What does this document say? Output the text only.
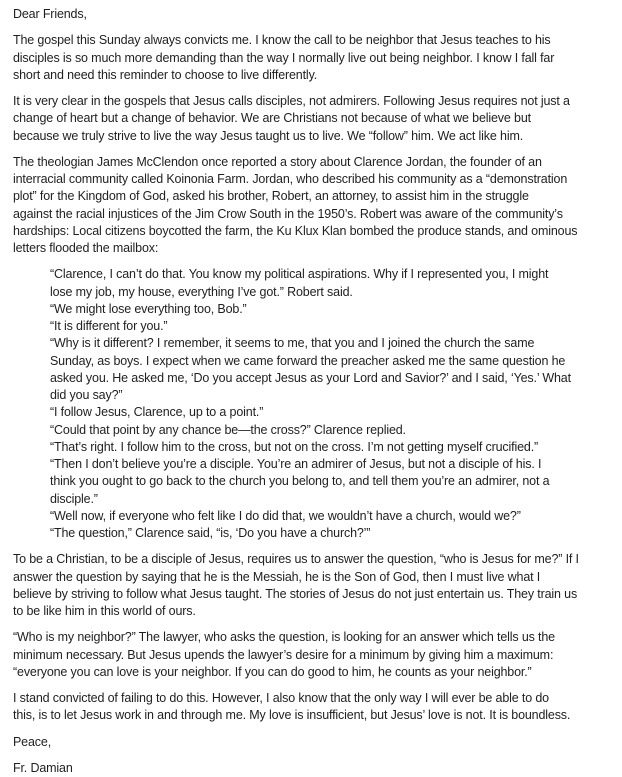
Dear Friends,
The gospel this Sunday always convicts me. I know the call to be neighbor that Jesus teaches to his
disciples is so much more demanding than the way I normally live out being neighbor. I know I fall far
short and need this reminder to choose to live differently.
It is very clear in the gospels that Jesus calls disciples, not admirers. Following Jesus requires not just a
change of heart but a change of behavior. We are Christians not because of what we believe but
because we truly strive to live the way Jesus taught us to live. We “follow” him. We act like him.
The theologian James McClendon once reported a story about Clarence Jordan, the founder of an
interracial community called Koinonia Farm. Jordan, who described his community as a “demonstration
plot” for the Kingdom of God, asked his brother, Robert, an attorney, to assist him in the struggle
against the racial injustices of the Jim Crow South in the 1950’s. Robert was aware of the community’s
hardships: Local citizens boycotted the farm, the Ku Klux Klan bombed the produce stands, and ominous
letters flooded the mailbox:
“Clarence, I can’t do that. You know my political aspirations. Why if I represented you, I might
lose my job, my house, everything I’ve got.” Robert said.
“We might lose everything too, Bob.”
“It is different for you.”
“Why is it different? I remember, it seems to me, that you and I joined the church the same
Sunday, as boys. I expect when we came forward the preacher asked me the same question he
asked you. He asked me, ‘Do you accept Jesus as your Lord and Savior?’ and I said, ‘Yes.’ What
did you say?”
“I follow Jesus, Clarence, up to a point.”
“Could that point by any chance be—the cross?” Clarence replied.
“That’s right. I follow him to the cross, but not on the cross. I’m not getting myself crucified.”
“Then I don’t believe you’re a disciple. You’re an admirer of Jesus, but not a disciple of his. I
think you ought to go back to the church you belong to, and tell them you’re an admirer, not a
disciple.”
“Well now, if everyone who felt like I do did that, we wouldn’t have a church, would we?”
“The question,” Clarence said, “is, ‘Do you have a church?’”
To be a Christian, to be a disciple of Jesus, requires us to answer the question, “who is Jesus for me?” If I
answer the question by saying that he is the Messiah, he is the Son of God, then I must live what I
believe by striving to follow what Jesus taught. The stories of Jesus do not just entertain us. They train us
to be like him in this world of ours.
“Who is my neighbor?” The lawyer, who asks the question, is looking for an answer which tells us the
minimum necessary. But Jesus upends the lawyer’s desire for a minimum by giving him a maximum:
“everyone you can love is your neighbor. If you can do good to him, he counts as your neighbor.”
I stand convicted of failing to do this. However, I also know that the only way I will ever be able to do
this, is to let Jesus work in and through me. My love is insufficient, but Jesus’ love is not. It is boundless.
Peace,
Fr. Damian
